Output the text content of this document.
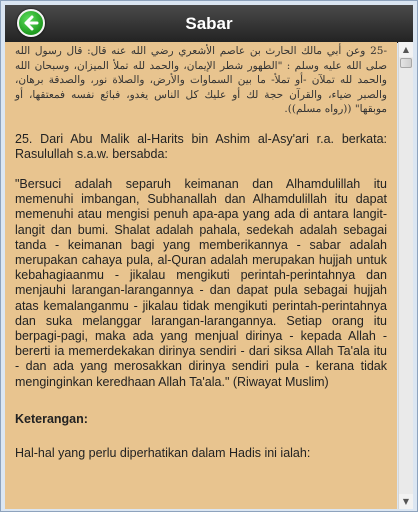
Sabar

-25 وعن أبي مالك الحارث بن عاصم الأشعري رضي الله عنه قال: قال رسول الله صلى الله عليه وسلم : "الطهور شطر الإيمان، والحمد لله تملأ الميزان، وسبحان الله والحمد لله تملآن -أو تملأ- ما بين السماوات والأرض، والصلاة نور، والصدقة برهان، والصبر ضياء، والقرآن حجة لك أو عليك كل الناس يغدو، فبائع نفسه فمعتقها، أو موبقها" ((رواه مسلم)).

25. Dari Abu Malik al-Harits bin Ashim al-Asy'ari r.a. berkata: Rasulullah s.a.w. bersabda:

"Bersuci adalah separuh keimanan dan Alhamdulillah itu memenuhi imbangan, Subhanallah dan Alhamdulillah itu dapat memenuhi atau mengisi penuh apa-apa yang ada di antara langit-langit dan bumi. Shalat adalah pahala, sedekah adalah sebagai tanda - keimanan bagi yang memberikannya - sabar adalah merupakan cahaya pula, al-Quran adalah merupakan hujjah untuk kebahagiaanmu - jikalau mengikuti perintah-perintahnya dan menjauhi larangan-larangannya - dan dapat pula sebagai hujjah atas kemalanganmu - jikalau tidak mengikuti perintah-perintahnya dan suka melanggar larangan-larangannya. Setiap orang itu berpagi-pagi, maka ada yang menjual dirinya - kepada Allah - bererti ia memerdekakan dirinya sendiri - dari siksa Allah Ta'ala itu - dan ada yang merosakkan dirinya sendiri pula - kerana tidak menginginkan keredhaan Allah Ta'ala." (Riwayat Muslim)

Keterangan:

Hal-hal yang perlu diperhatikan dalam Hadis ini ialah:

▲
▼
